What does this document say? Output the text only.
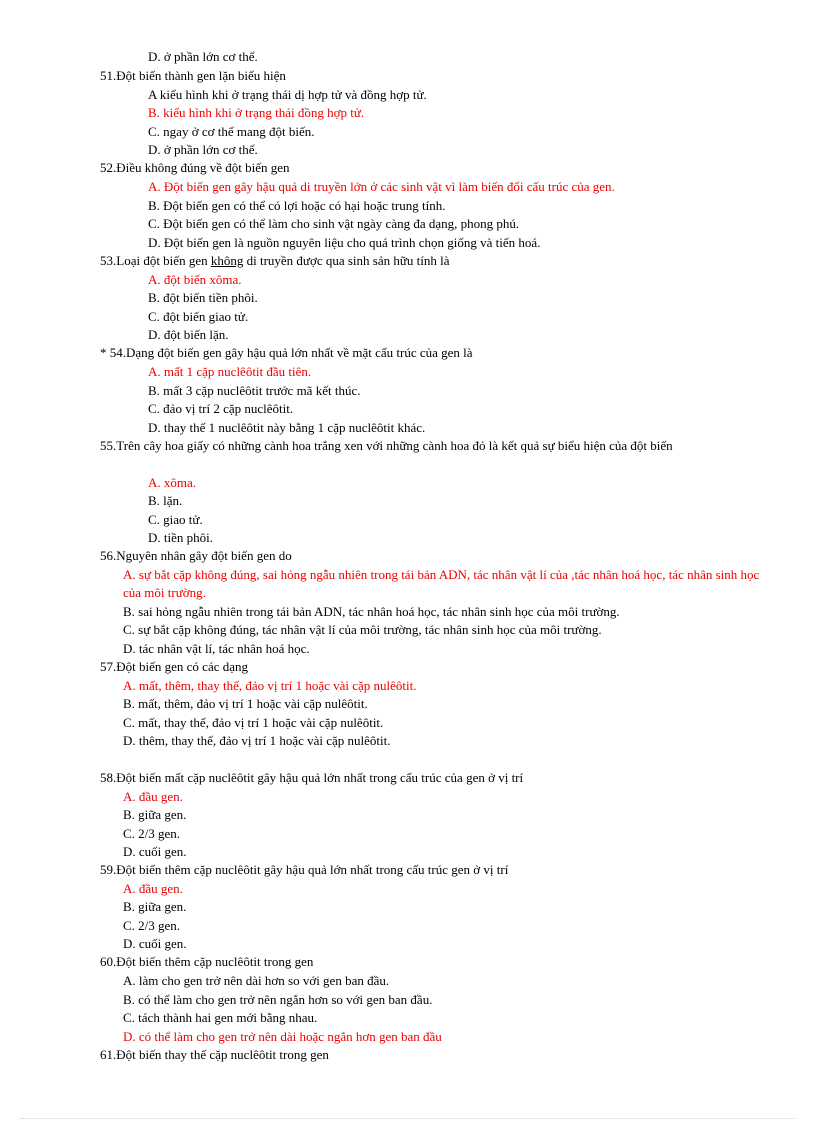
D. ở phần lớn cơ thể.
51.Đột biến thành gen lặn biểu hiện
A kiểu hình khi ở trạng thái dị hợp tử và đồng hợp tử.
B. kiểu hình khi ở trạng thái đồng hợp tử.
C. ngay ở cơ thể mang đột biến.
D. ở phần lớn cơ thể.
52.Điều không đúng về đột biến gen
A. Đột biến gen gây hậu quả di truyền lớn ở các sinh vật vì làm biến đổi cấu trúc của gen.
B. Đột biến gen có thể có lợi hoặc có hại hoặc trung tính.
C. Đột biến gen có thể làm cho sinh vật ngày càng đa dạng, phong phú.
D. Đột biến gen là nguồn nguyên liệu cho quá trình chọn giống và tiến hoá.
53.Loại đột biến gen không di truyền được qua sinh sản hữu tính là
A. đột biến xôma.
B. đột biến tiền phôi.
C. đột biến giao tử.
D. đột biến lặn.
* 54.Dạng đột biến gen gây hậu quả lớn nhất về mặt cấu trúc của gen là
A. mất 1 cặp nuclêôtit đầu tiên.
B. mất 3 cặp nuclêôtit trước mã kết thúc.
C. đảo vị trí 2 cặp nuclêôtit.
D. thay thế 1 nuclêôtit này bằng 1 cặp nuclêôtit khác.
55.Trên cây hoa giấy có những cành hoa trắng xen với những cành hoa đỏ là kết quả sự biểu hiện của đột biến
A. xôma.
B. lặn.
C. giao tử.
D. tiền phôi.
56.Nguyên nhân gây đột biến gen do
A. sự bắt cặp không đúng, sai hỏng ngẫu nhiên trong tái bản ADN, tác nhân vật lí của ,tác nhân hoá học, tác nhân sinh học của môi trường.
B. sai hỏng ngẫu nhiên trong tái bản ADN, tác nhân hoá học, tác nhân sinh học của môi trường.
C. sự bắt cặp không đúng, tác nhân vật lí của môi trường, tác nhân sinh học của môi trường.
D. tác nhân vật lí, tác nhân hoá học.
57.Đột biến gen có các dạng
A. mất, thêm, thay thế, đảo vị trí 1 hoặc vài cặp nulêôtit.
B. mất, thêm, đảo vị trí 1 hoặc vài cặp nulêôtit.
C. mất, thay thế, đảo vị trí 1 hoặc vài cặp nulêôtit.
D. thêm, thay thế, đảo vị trí 1 hoặc vài cặp nulêôtit.
58.Đột biến mất cặp nuclêôtit gây hậu quả lớn nhất trong cấu trúc của gen ở vị trí
A. đầu gen.
B. giữa gen.
C. 2/3 gen.
D. cuối gen.
59.Đột biến thêm cặp nuclêôtit gây hậu quả lớn nhất trong cấu trúc gen ở vị trí
A. đầu gen.
B. giữa gen.
C. 2/3 gen.
D. cuối gen.
60.Đột biến thêm cặp nuclêôtit trong gen
A. làm cho gen trở nên dài hơn so với gen ban đầu.
B. có thể làm cho gen trở nên ngắn hơn so với gen ban đầu.
C. tách thành hai gen mới bằng nhau.
D. có thể làm cho gen trở nên dài hoặc ngắn hơn gen ban đầu
61.Đột biến thay thế cặp nuclêôtit trong gen
